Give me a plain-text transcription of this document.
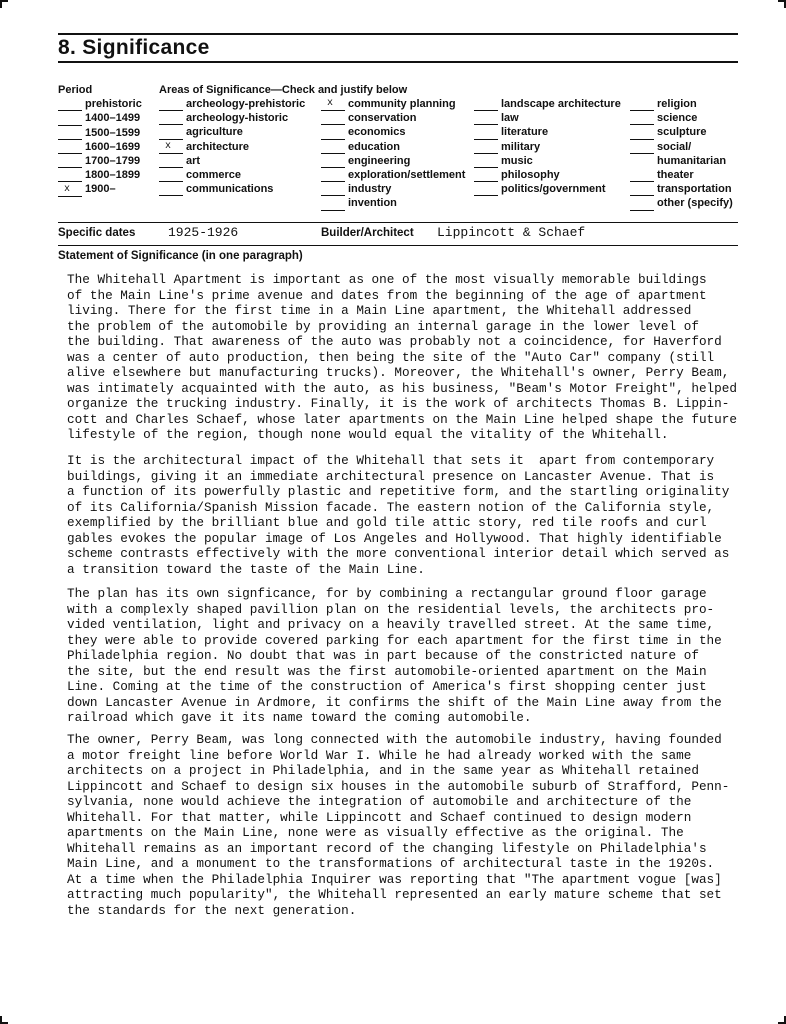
8. Significance
Period
prehistoric
1400–1499
1500–1599
1600–1699
1700–1799
1800–1899
x 1900–
Areas of Significance—Check and justify below
archeology-prehistoric
archeology-historic
agriculture
x architecture
art
commerce
communications
x community planning
conservation
economics
education
engineering
exploration/settlement
industry
invention
landscape architecture
law
literature
military
music
philosophy
politics/government
religion
science
sculpture
social/
humanitarian
theater
transportation
other (specify)
Specific dates	1925-1926	Builder/Architect Lippincott & Schaef
Statement of Significance (in one paragraph)
The Whitehall Apartment is important as one of the most visually memorable buildings
of the Main Line's prime avenue and dates from the beginning of the age of apartment
living. There for the first time in a Main Line apartment, the Whitehall addressed
the problem of the automobile by providing an internal garage in the lower level of
the building. That awareness of the auto was probably not a coincidence, for Haverford
was a center of auto production, then being the site of the "Auto Car" company (still
alive elsewhere but manufacturing trucks). Moreover, the Whitehall's owner, Perry Beam,
was intimately acquainted with the auto, as his business, "Beam's Motor Freight", helped
organize the trucking industry. Finally, it is the work of architects Thomas B. Lippin-
cott and Charles Schaef, whose later apartments on the Main Line helped shape the future
lifestyle of the region, though none would equal the vitality of the Whitehall.
It is the architectural impact of the Whitehall that sets it  apart from contemporary
buildings, giving it an immediate architectural presence on Lancaster Avenue. That is
a function of its powerfully plastic and repetitive form, and the startling originality
of its California/Spanish Mission facade. The eastern notion of the California style,
exemplified by the brilliant blue and gold tile attic story, red tile roofs and curl
gables evokes the popular image of Los Angeles and Hollywood. That highly identifiable
scheme contrasts effectively with the more conventional interior detail which served as
a transition toward the taste of the Main Line.
The plan has its own signficance, for by combining a rectangular ground floor garage
with a complexly shaped pavillion plan on the residential levels, the architects pro-
vided ventilation, light and privacy on a heavily travelled street. At the same time,
they were able to provide covered parking for each apartment for the first time in the
Philadelphia region. No doubt that was in part because of the constricted nature of
the site, but the end result was the first automobile-oriented apartment on the Main
Line. Coming at the time of the construction of America's first shopping center just
down Lancaster Avenue in Ardmore, it confirms the shift of the Main Line away from the
railroad which gave it its name toward the coming automobile.
The owner, Perry Beam, was long connected with the automobile industry, having founded
a motor freight line before World War I. While he had already worked with the same
architects on a project in Philadelphia, and in the same year as Whitehall retained
Lippincott and Schaef to design six houses in the automobile suburb of Strafford, Penn-
sylvania, none would achieve the integration of automobile and architecture of the
Whitehall. For that matter, while Lippincott and Schaef continued to design modern
apartments on the Main Line, none were as visually effective as the original. The
Whitehall remains as an important record of the changing lifestyle on Philadelphia's
Main Line, and a monument to the transformations of architectural taste in the 1920s.
At a time when the Philadelphia Inquirer was reporting that "The apartment vogue [was]
attracting much popularity", the Whitehall represented an early mature scheme that set
the standards for the next generation.
